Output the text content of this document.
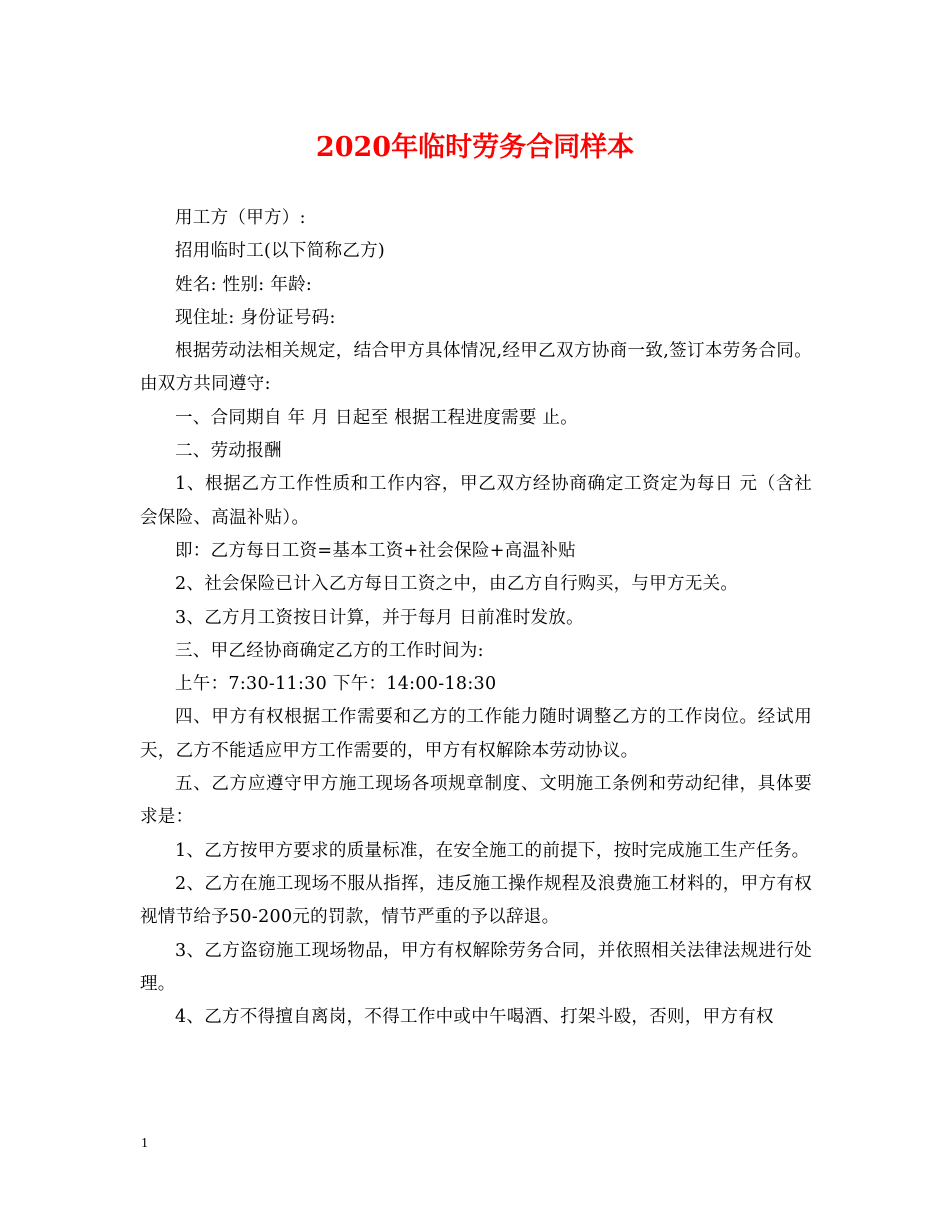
2020年临时劳务合同样本

用工方（甲方）:

招用临时工(以下简称乙方)

姓名: 性别: 年龄:

现住址: 身份证号码:

根据劳动法相关规定，结合甲方具体情况,经甲乙双方协商一致,签订本劳务合同。由双方共同遵守:

一、合同期自 年 月 日起至 根据工程进度需要 止。

二、劳动报酬

1、根据乙方工作性质和工作内容，甲乙双方经协商确定工资定为每日 元（含社会保险、高温补贴）。

即：乙方每日工资=基本工资+社会保险+高温补贴

2、社会保险已计入乙方每日工资之中，由乙方自行购买，与甲方无关。

3、乙方月工资按日计算，并于每月 日前准时发放。

三、甲乙经协商确定乙方的工作时间为:

上午：7:30-11:30 下午：14:00-18:30

四、甲方有权根据工作需要和乙方的工作能力随时调整乙方的工作岗位。经试用 天，乙方不能适应甲方工作需要的，甲方有权解除本劳动协议。

五、乙方应遵守甲方施工现场各项规章制度、文明施工条例和劳动纪律，具体要求是：

1、乙方按甲方要求的质量标准，在安全施工的前提下，按时完成施工生产任务。

2、乙方在施工现场不服从指挥，违反施工操作规程及浪费施工材料的，甲方有权视情节给予50-200元的罚款，情节严重的予以辞退。

3、乙方盗窃施工现场物品，甲方有权解除劳务合同，并依照相关法律法规进行处理。

4、乙方不得擅自离岗，不得工作中或中午喝酒、打架斗殴，否则，甲方有权

1
